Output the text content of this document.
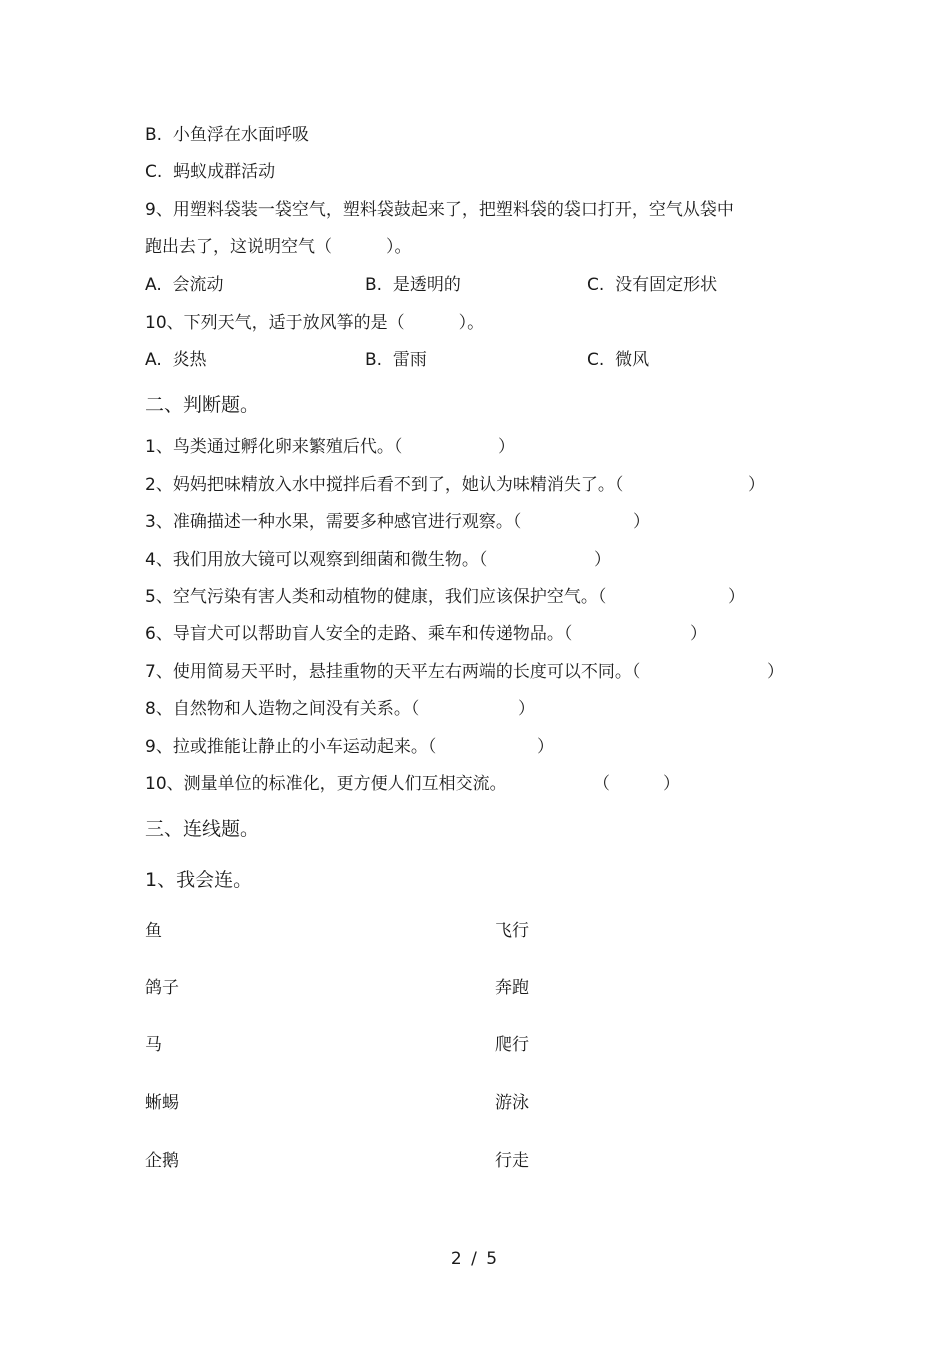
B.  小鱼浮在水面呼吸
C.  蚂蚁成群活动
9、用塑料袋装一袋空气，塑料袋鼓起来了，把塑料袋的袋口打开，空气从袋中
跑出去了，这说明空气（          ）。
A.  会流动	B.  是透明的	C.  没有固定形状
10、下列天气，适于放风筝的是（          ）。
A.  炎热	B.  雷雨	C.  微风
二、判断题。
1、鸟类通过孵化卵来繁殖后代。（	）
2、妈妈把味精放入水中搅拌后看不到了，她认为味精消失了。（	）
3、准确描述一种水果，需要多种感官进行观察。（	）
4、我们用放大镜可以观察到细菌和微生物。（	）
5、空气污染有害人类和动植物的健康，我们应该保护空气。（	）
6、导盲犬可以帮助盲人安全的走路、乘车和传递物品。（	）
7、使用简易天平时，悬挂重物的天平左右两端的长度可以不同。（	）
8、自然物和人造物之间没有关系。（	）
9、拉或推能让静止的小车运动起来。（	）
10、测量单位的标准化，更方便人们互相交流。	（	）
三、连线题。
1、我会连。
鱼	飞行
鸽子	奔跑
马	爬行
蜥蜴	游泳
企鹅	行走
2 / 5
